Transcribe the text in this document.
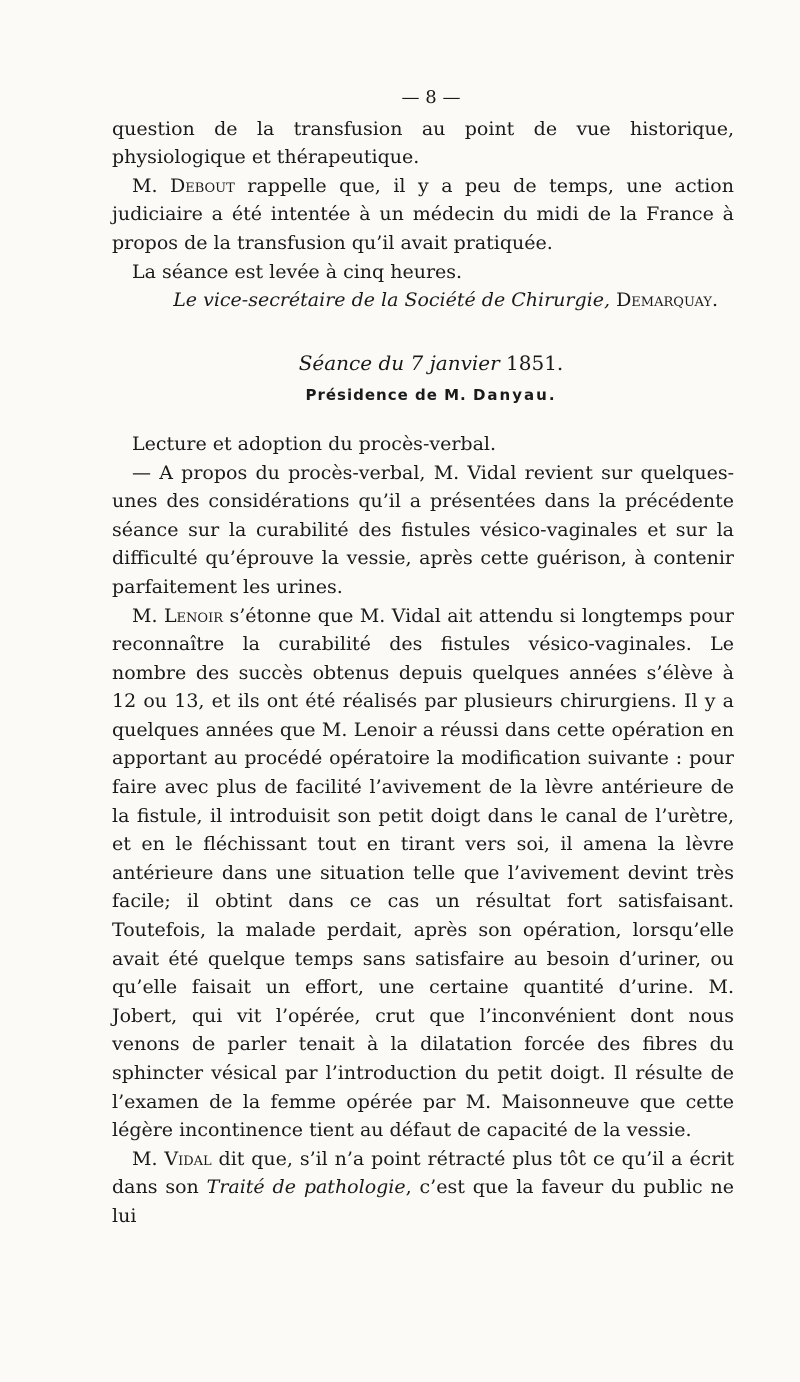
— 8 —

question de la transfusion au point de vue historique, physiologique et thérapeutique.

M. Debout rappelle que, il y a peu de temps, une action judiciaire a été intentée à un médecin du midi de la France à propos de la transfusion qu’il avait pratiquée.

La séance est levée à cinq heures.

Le vice-secrétaire de la Société de Chirurgie, Demarquay.

Séance du 7 janvier 1851.
Présidence de M. Danyau.

Lecture et adoption du procès-verbal.

— A propos du procès-verbal, M. Vidal revient sur quelques-unes des considérations qu’il a présentées dans la précédente séance sur la curabilité des fistules vésico-vaginales et sur la difficulté qu’éprouve la vessie, après cette guérison, à contenir parfaitement les urines.

M. Lenoir s’étonne que M. Vidal ait attendu si longtemps pour reconnaître la curabilité des fistules vésico-vaginales. Le nombre des succès obtenus depuis quelques années s’élève à 12 ou 13, et ils ont été réalisés par plusieurs chirurgiens. Il y a quelques années que M. Lenoir a réussi dans cette opération en apportant au procédé opératoire la modification suivante : pour faire avec plus de facilité l’avivement de la lèvre antérieure de la fistule, il introduisit son petit doigt dans le canal de l’urètre, et en le fléchissant tout en tirant vers soi, il amena la lèvre antérieure dans une situation telle que l’avivement devint très facile; il obtint dans ce cas un résultat fort satisfaisant. Toutefois, la malade perdait, après son opération, lorsqu’elle avait été quelque temps sans satisfaire au besoin d’uriner, ou qu’elle faisait un effort, une certaine quantité d’urine. M. Jobert, qui vit l’opérée, crut que l’inconvénient dont nous venons de parler tenait à la dilatation forcée des fibres du sphincter vésical par l’introduction du petit doigt. Il résulte de l’examen de la femme opérée par M. Maisonneuve que cette légère incontinence tient au défaut de capacité de la vessie.

M. Vidal dit que, s’il n’a point rétracté plus tôt ce qu’il a écrit dans son Traité de pathologie, c’est que la faveur du public ne lui
